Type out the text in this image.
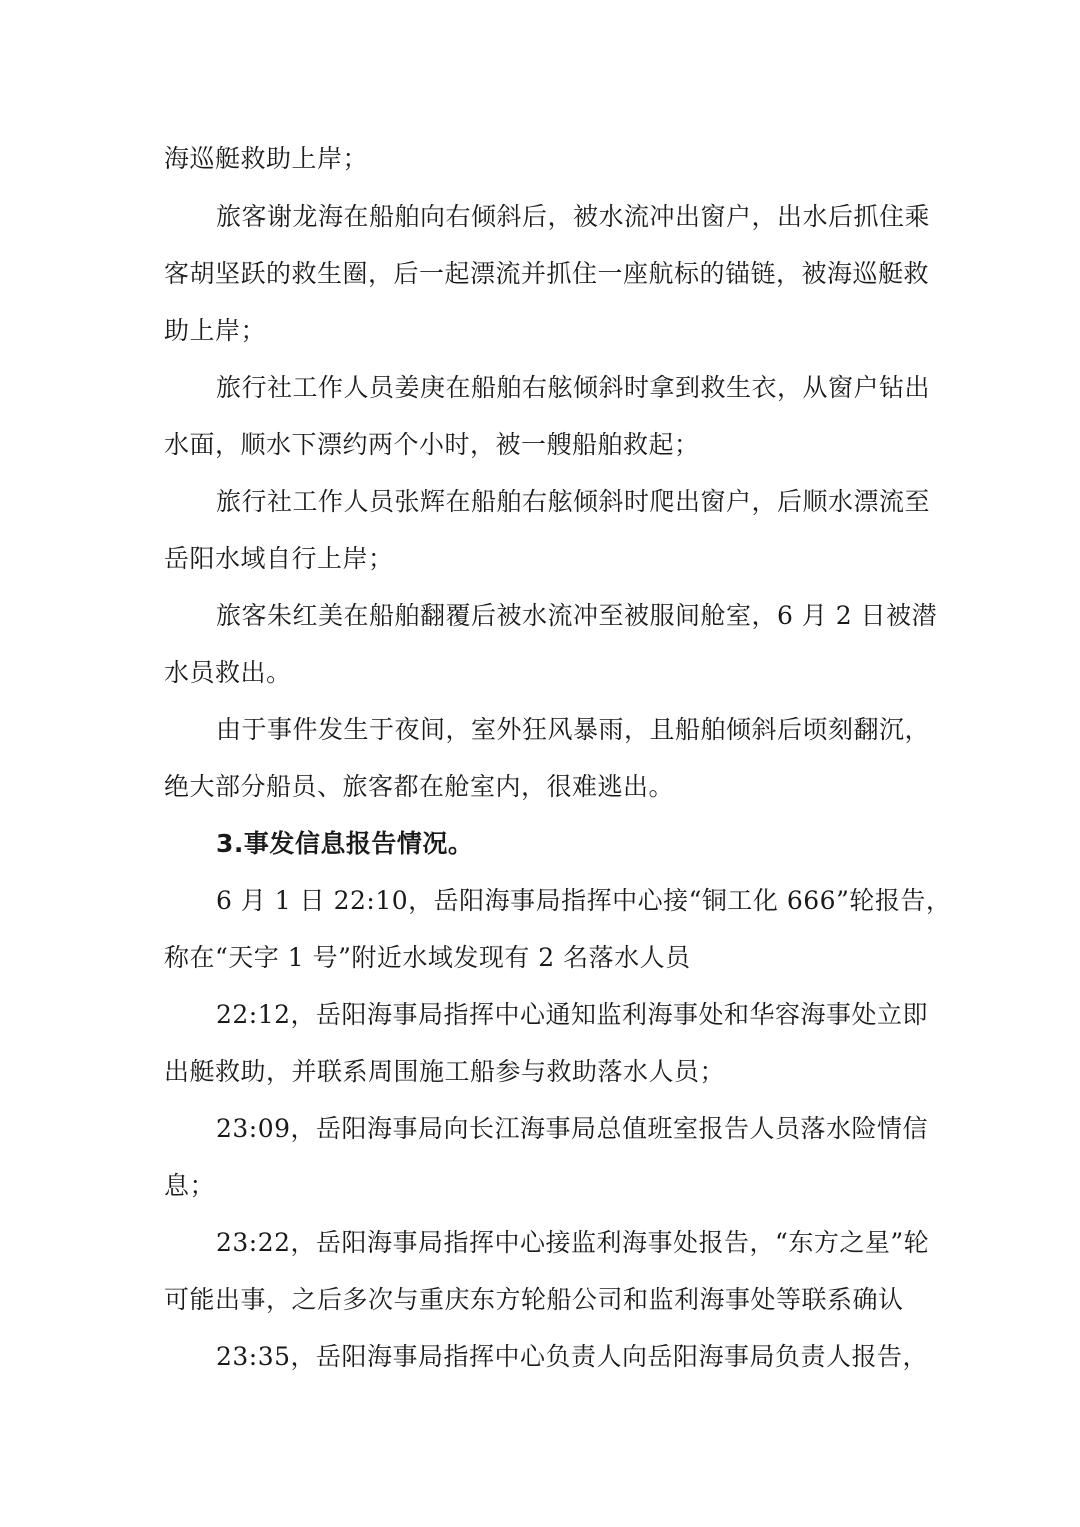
海巡艇救助上岸；
旅客谢龙海在船舶向右倾斜后，被水流冲出窗户，出水后抓住乘
客胡坚跃的救生圈，后一起漂流并抓住一座航标的锚链，被海巡艇救
助上岸；
旅行社工作人员姜庚在船舶右舷倾斜时拿到救生衣，从窗户钻出
水面，顺水下漂约两个小时，被一艘船舶救起；
旅行社工作人员张辉在船舶右舷倾斜时爬出窗户，后顺水漂流至
岳阳水域自行上岸；
旅客朱红美在船舶翻覆后被水流冲至被服间舱室，6 月 2 日被潜
水员救出。
由于事件发生于夜间，室外狂风暴雨，且船舶倾斜后顷刻翻沉，
绝大部分船员、旅客都在舱室内，很难逃出。
3.事发信息报告情况。
6 月 1 日 22:10，岳阳海事局指挥中心接“铜工化 666”轮报告，
称在“天字 1 号”附近水域发现有 2 名落水人员
22:12，岳阳海事局指挥中心通知监利海事处和华容海事处立即
出艇救助，并联系周围施工船参与救助落水人员；
23:09，岳阳海事局向长江海事局总值班室报告人员落水险情信
息；
23:22，岳阳海事局指挥中心接监利海事处报告，“东方之星”轮
可能出事，之后多次与重庆东方轮船公司和监利海事处等联系确认
23:35，岳阳海事局指挥中心负责人向岳阳海事局负责人报告，
